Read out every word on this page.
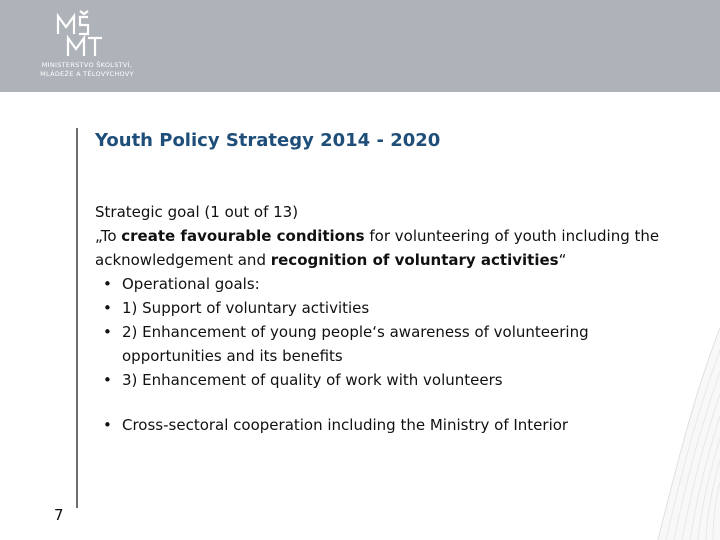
MINISTERSTVO ŠKOLSTVÍ,
MLÁDEŽE A TĚLOVÝCHOVY
Youth Policy Strategy 2014 - 2020

Strategic goal (1 out of 13)

„To create favourable conditions for volunteering of youth including the acknowledgement and recognition of voluntary activities“

• Operational goals:

• 1) Support of voluntary activities

• 2) Enhancement of young people‘s awareness of volunteering opportunities and its benefits

• 3) Enhancement of quality of work with volunteers

• Cross-sectoral cooperation including the Ministry of Interior

7
